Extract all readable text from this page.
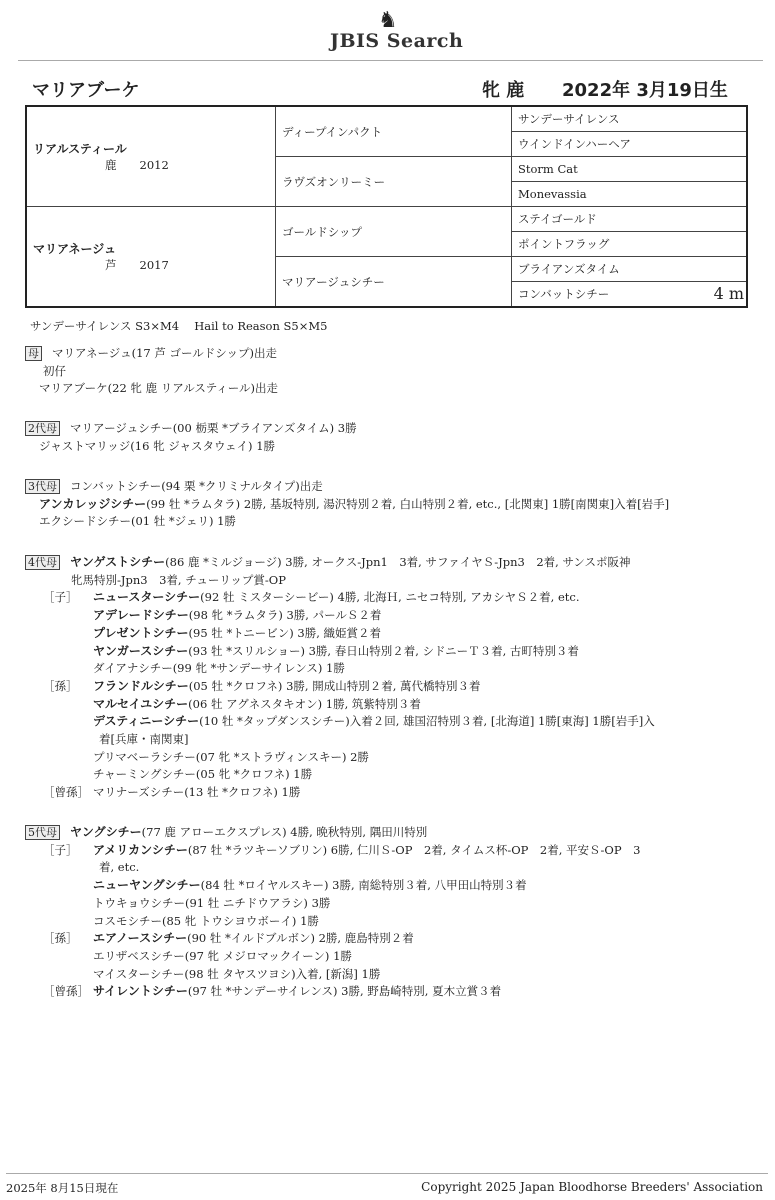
♞
JBIS Search
マリアブーケ	牝 鹿 2022年 3月19日生
リアルスティール
鹿　　2012	ディープインパクト	サンデーサイレンス
		ウインドインハーヘア
	ラヴズオンリーミー	Storm Cat
		Monevassia

マリアネージュ
芦　　2017	ゴールドシップ	ステイゴールド
		ポイントフラッグ
	マリアージュシチー	ブライアンズタイム
		コンバットシチー 4 m
サンデーサイレンス S3×M4　 Hail to Reason S5×M5
母 マリアネージュ(17 芦 ゴールドシップ)出走
初仔
マリアブーケ(22 牝 鹿 リアルスティール)出走
2代母 マリアージュシチー(00 栃栗 *ブライアンズタイム) 3勝
ジャストマリッジ(16 牝 ジャスタウェイ) 1勝
3代母 コンバットシチー(94 栗 *クリミナルタイプ)出走
アンカレッジシチー(99 牡 *ラムタラ) 2勝, 基坂特別, 湯沢特別２着, 白山特別２着, etc., [北関東] 1勝[南関東]入着[岩手]
エクシードシチー(01 牡 *ジェリ) 1勝
4代母 ヤンゲストシチー(86 鹿 *ミルジョージ) 3勝, オークス-Jpn1　3着, サファイヤＳ-Jpn3　2着, サンスポ阪神
牝馬特別-Jpn3　3着, チューリップ賞-OP
［子］ ニュースターシチー(92 牡 ミスターシービー) 4勝, 北海Ｈ, ニセコ特別, アカシヤＳ２着, etc.
アデレードシチー(98 牝 *ラムタラ) 3勝, パールＳ２着
プレゼントシチー(95 牡 *トニービン) 3勝, 織姫賞２着
ヤンガースシチー(93 牡 *スリルショー) 3勝, 春日山特別２着, シドニーＴ３着, 古町特別３着
ダイアナシチー(99 牝 *サンデーサイレンス) 1勝
［孫］ フランドルシチー(05 牡 *クロフネ) 3勝, 開成山特別２着, 萬代橋特別３着
マルセイユシチー(06 牡 アグネスタキオン) 1勝, 筑紫特別３着
デスティニーシチー(10 牡 *タップダンスシチー)入着２回, 雄国沼特別３着, [北海道] 1勝[東海] 1勝[岩手]入
着[兵庫・南関東]
プリマベーラシチー(07 牝 *ストラヴィンスキー) 2勝
チャーミングシチー(05 牝 *クロフネ) 1勝
［曾孫］ マリナーズシチー(13 牡 *クロフネ) 1勝
5代母 ヤングシチー(77 鹿 アローエクスプレス) 4勝, 晩秋特別, 隅田川特別
［子］ アメリカンシチー(87 牡 *ラツキーソブリン) 6勝, 仁川Ｓ-OP　2着, タイムス杯-OP　2着, 平安Ｓ-OP　3
着, etc.
ニューヤングシチー(84 牡 *ロイヤルスキー) 3勝, 南総特別３着, 八甲田山特別３着
トウキョウシチー(91 牡 ニチドウアラシ) 3勝
コスモシチー(85 牝 トウシヨウボーイ) 1勝
［孫］ エアノースシチー(90 牡 *イルドブルボン) 2勝, 鹿島特別２着
エリザベスシチー(97 牝 メジロマックイーン) 1勝
マイスターシチー(98 牡 タヤスツヨシ)入着, [新潟] 1勝
［曾孫］ サイレントシチー(97 牡 *サンデーサイレンス) 3勝, 野島崎特別, 夏木立賞３着
2025年 8月15日現在	Copyright 2025 Japan Bloodhorse Breeders' Association
